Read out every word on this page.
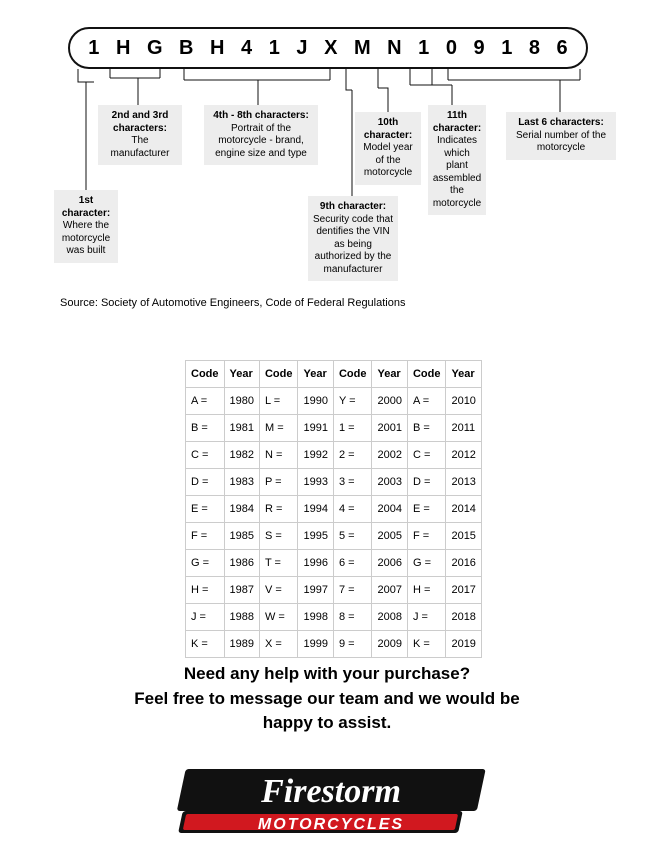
1 H G B H 4 1 J X M N 1 0 9 1 8 6
1st character:
Where the motorcycle was built
2nd and 3rd characters:
The manufacturer
4th - 8th characters:
Portrait of the motorcycle - brand, engine size and type
9th character:
Security code that dentifies the VIN as being authorized by the manufacturer
10th character:
Model year of the motorcycle
11th character:
Indicates which plant assembled the motorcycle
Last 6 characters:
Serial number of the motorcycle
Source: Society of Automotive Engineers, Code of Federal Regulations
Code	Year	Code	Year	Code	Year	Code	Year
A =	1980	L =	1990	Y =	2000	A =	2010
B =	1981	M =	1991	1 =	2001	B =	2011
C =	1982	N =	1992	2 =	2002	C =	2012
D =	1983	P =	1993	3 =	2003	D =	2013
E =	1984	R =	1994	4 =	2004	E =	2014
F =	1985	S =	1995	5 =	2005	F =	2015
G =	1986	T =	1996	6 =	2006	G =	2016
H =	1987	V =	1997	7 =	2007	H =	2017
J =	1988	W =	1998	8 =	2008	J =	2018
K =	1989	X =	1999	9 =	2009	K =	2019
Need any help with your purchase?
Feel free to message our team and we would be
happy to assist.
Firestorm
MOTORCYCLES
